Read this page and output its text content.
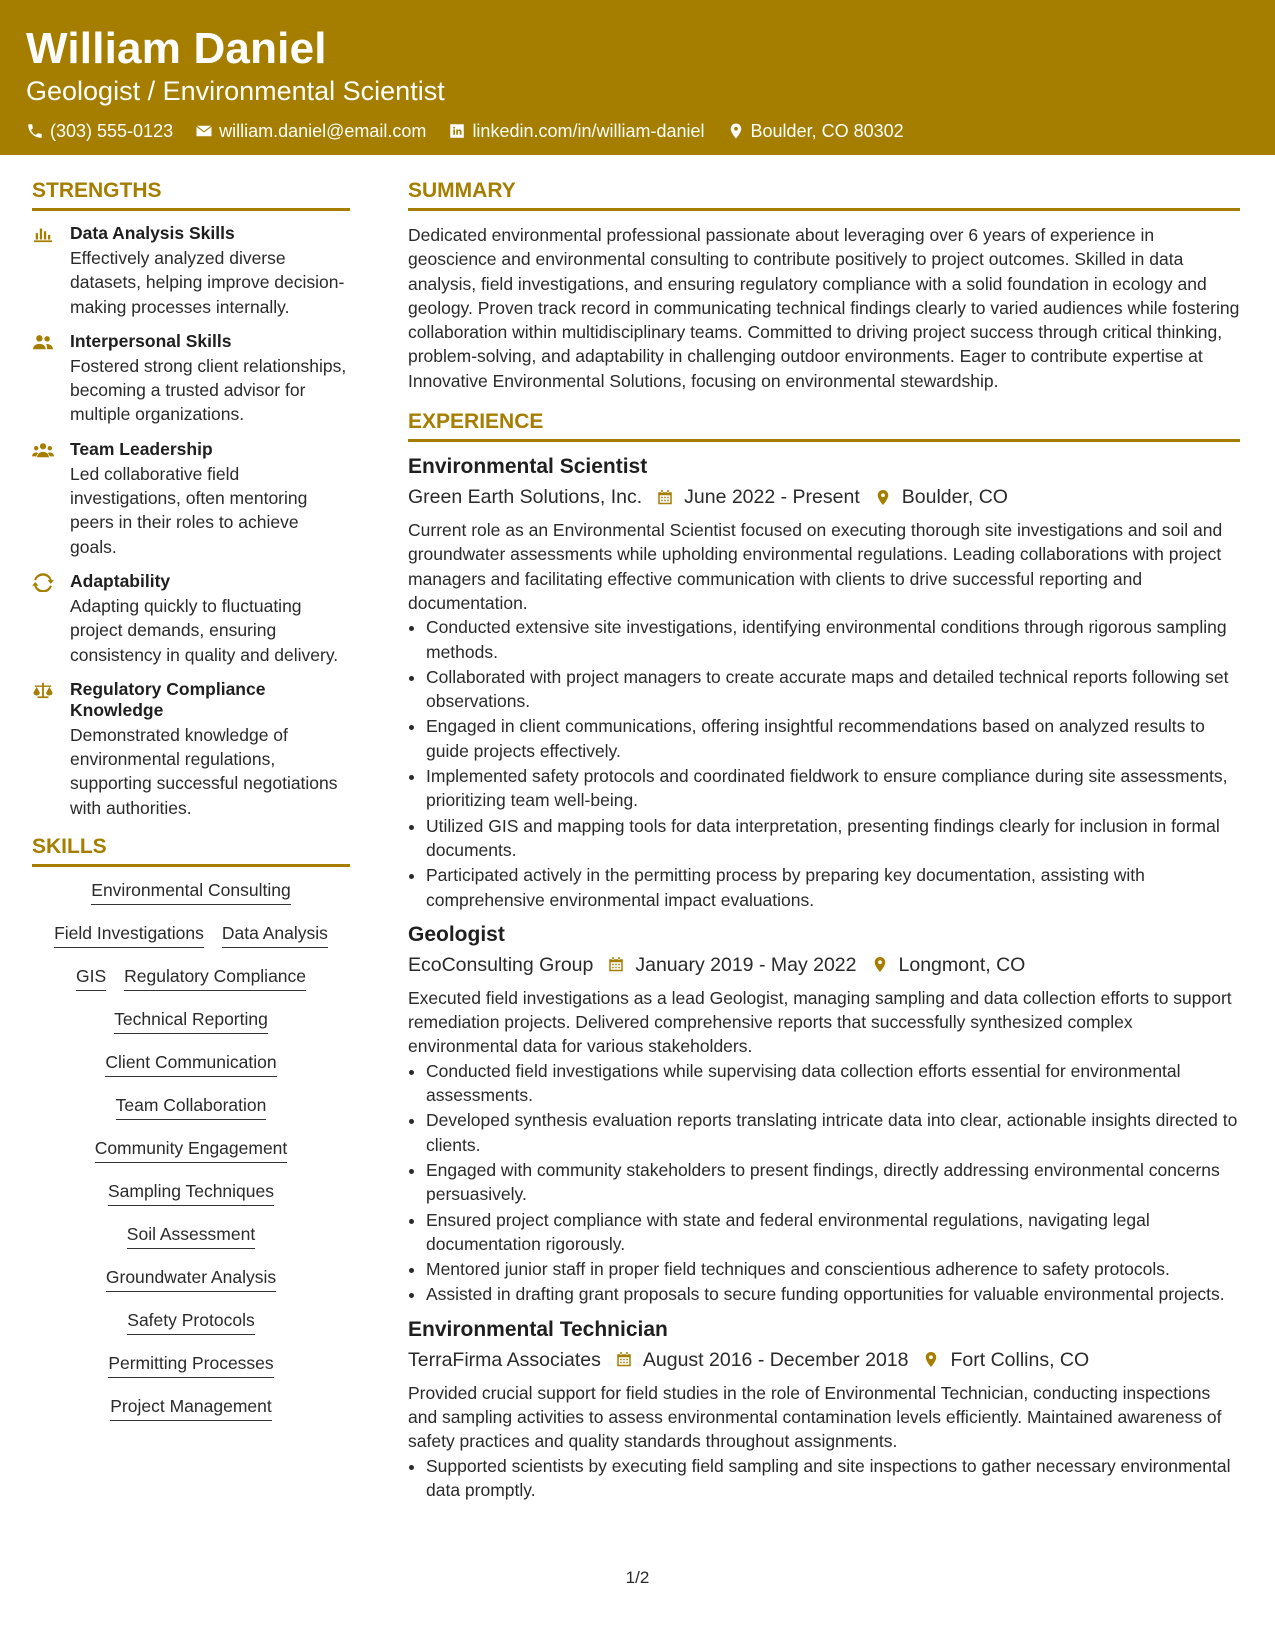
William Daniel
Geologist / Environmental Scientist
(303) 555-0123	william.daniel@email.com	linkedin.com/in/william-daniel	Boulder, CO 80302
STRENGTHS
Data Analysis Skills
Effectively analyzed diverse datasets, helping improve decision-making processes internally.
Interpersonal Skills
Fostered strong client relationships, becoming a trusted advisor for multiple organizations.
Team Leadership
Led collaborative field investigations, often mentoring peers in their roles to achieve goals.
Adaptability
Adapting quickly to fluctuating project demands, ensuring consistency in quality and delivery.
Regulatory Compliance Knowledge
Demonstrated knowledge of environmental regulations, supporting successful negotiations with authorities.
SKILLS
Environmental Consulting
Field Investigations Data Analysis
GIS Regulatory Compliance
Technical Reporting
Client Communication
Team Collaboration
Community Engagement
Sampling Techniques
Soil Assessment
Groundwater Analysis
Safety Protocols
Permitting Processes
Project Management
SUMMARY

Dedicated environmental professional passionate about leveraging over 6 years of experience in geoscience and environmental consulting to contribute positively to project outcomes. Skilled in data analysis, field investigations, and ensuring regulatory compliance with a solid foundation in ecology and geology. Proven track record in communicating technical findings clearly to varied audiences while fostering collaboration within multidisciplinary teams. Committed to driving project success through critical thinking, problem-solving, and adaptability in challenging outdoor environments. Eager to contribute expertise at Innovative Environmental Solutions, focusing on environmental stewardship.

EXPERIENCE
Environmental Scientist
Green Earth Solutions, Inc. June 2022 - Present Boulder, CO

Current role as an Environmental Scientist focused on executing thorough site investigations and soil and groundwater assessments while upholding environmental regulations. Leading collaborations with project managers and facilitating effective communication with clients to drive successful reporting and documentation.

• Conducted extensive site investigations, identifying environmental conditions through rigorous sampling methods.
• Collaborated with project managers to create accurate maps and detailed technical reports following set observations.
• Engaged in client communications, offering insightful recommendations based on analyzed results to guide projects effectively.
• Implemented safety protocols and coordinated fieldwork to ensure compliance during site assessments, prioritizing team well-being.
• Utilized GIS and mapping tools for data interpretation, presenting findings clearly for inclusion in formal documents.
• Participated actively in the permitting process by preparing key documentation, assisting with comprehensive environmental impact evaluations.
Geologist
EcoConsulting Group January 2019 - May 2022 Longmont, CO

Executed field investigations as a lead Geologist, managing sampling and data collection efforts to support remediation projects. Delivered comprehensive reports that successfully synthesized complex environmental data for various stakeholders.

• Conducted field investigations while supervising data collection efforts essential for environmental assessments.
• Developed synthesis evaluation reports translating intricate data into clear, actionable insights directed to clients.
• Engaged with community stakeholders to present findings, directly addressing environmental concerns persuasively.
• Ensured project compliance with state and federal environmental regulations, navigating legal documentation rigorously.
• Mentored junior staff in proper field techniques and conscientious adherence to safety protocols.
• Assisted in drafting grant proposals to secure funding opportunities for valuable environmental projects.
Environmental Technician
TerraFirma Associates August 2016 - December 2018 Fort Collins, CO

Provided crucial support for field studies in the role of Environmental Technician, conducting inspections and sampling activities to assess environmental contamination levels efficiently. Maintained awareness of safety practices and quality standards throughout assignments.

• Supported scientists by executing field sampling and site inspections to gather necessary environmental data promptly.
1/2
